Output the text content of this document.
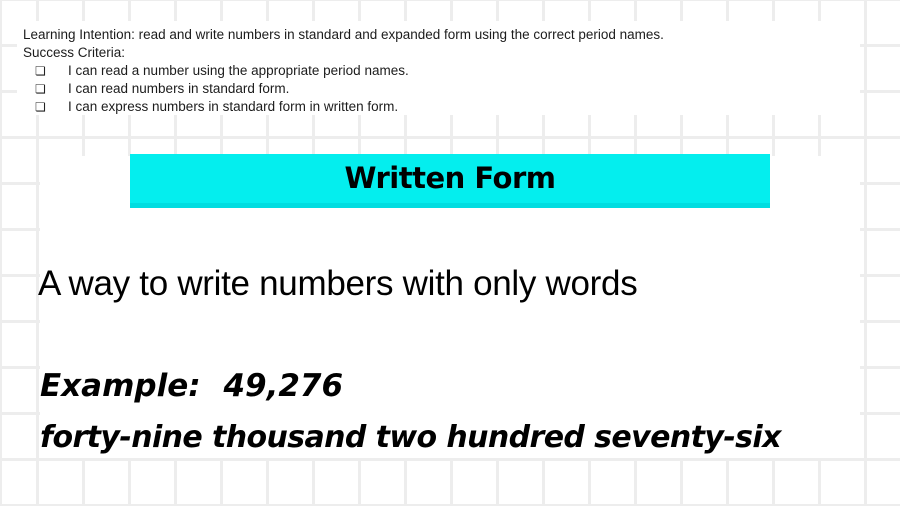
Learning Intention: read and write numbers in standard and expanded form using the correct period names.
Success Criteria:
❏ I can read a number using the appropriate period names.
❏ I can read numbers in standard form.
❏ I can express numbers in standard form in written form.
Written Form
A way to write numbers with only words
Example: 49,276
forty-nine thousand two hundred seventy-six
